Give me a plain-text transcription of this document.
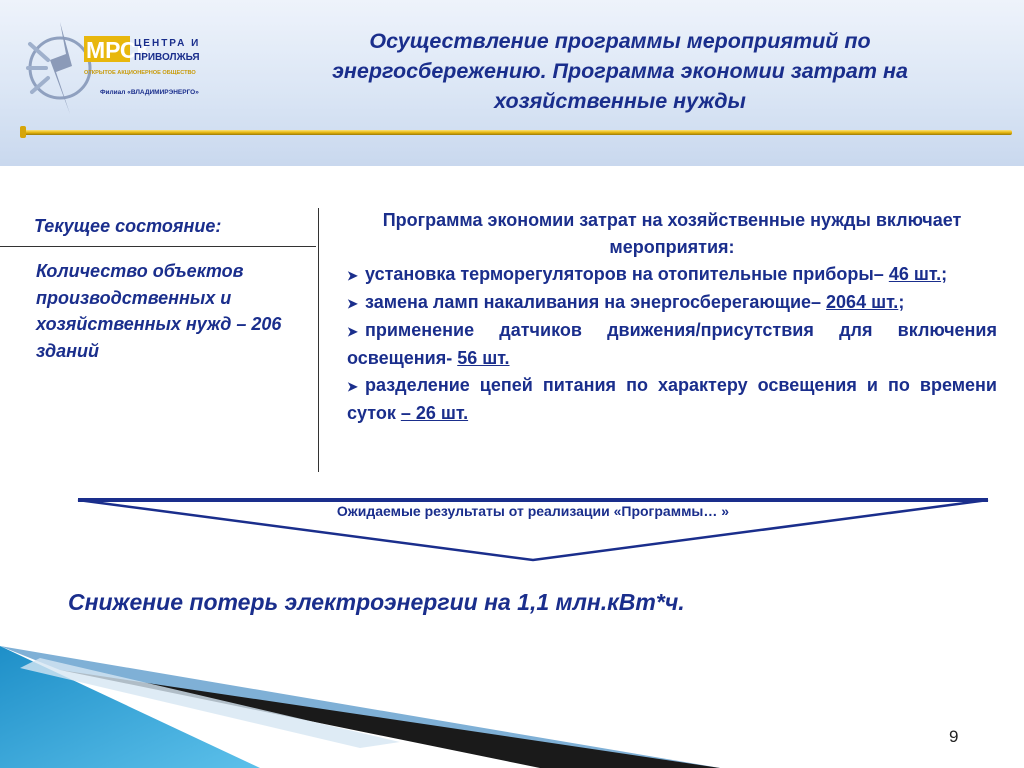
МРСК
ЦЕНТРА И
ПРИВОЛЖЬЯ
ОТКРЫТОЕ АКЦИОНЕРНОЕ ОБЩЕСТВО
Филиал «ВЛАДИМИРЭНЕРГО»
Осуществление программы мероприятий по
энергосбережению. Программа экономии затрат на
хозяйственные нужды
Текущее состояние:
Количество объектов производственных и хозяйственных нужд – 206 зданий
Программа экономии затрат на хозяйственные нужды включает мероприятия:
➤ установка терморегуляторов на отопительные приборы– 46 шт.;
➤ замена ламп накаливания на энергосберегающие– 2064 шт.;
➤ применение датчиков движения/присутствия для включения освещения- 56 шт.
➤ разделение цепей питания по характеру освещения и по времени суток – 26 шт.
Ожидаемые результаты от реализации «Программы… »
Снижение потерь электроэнергии на 1,1 млн.кВт*ч.
9
